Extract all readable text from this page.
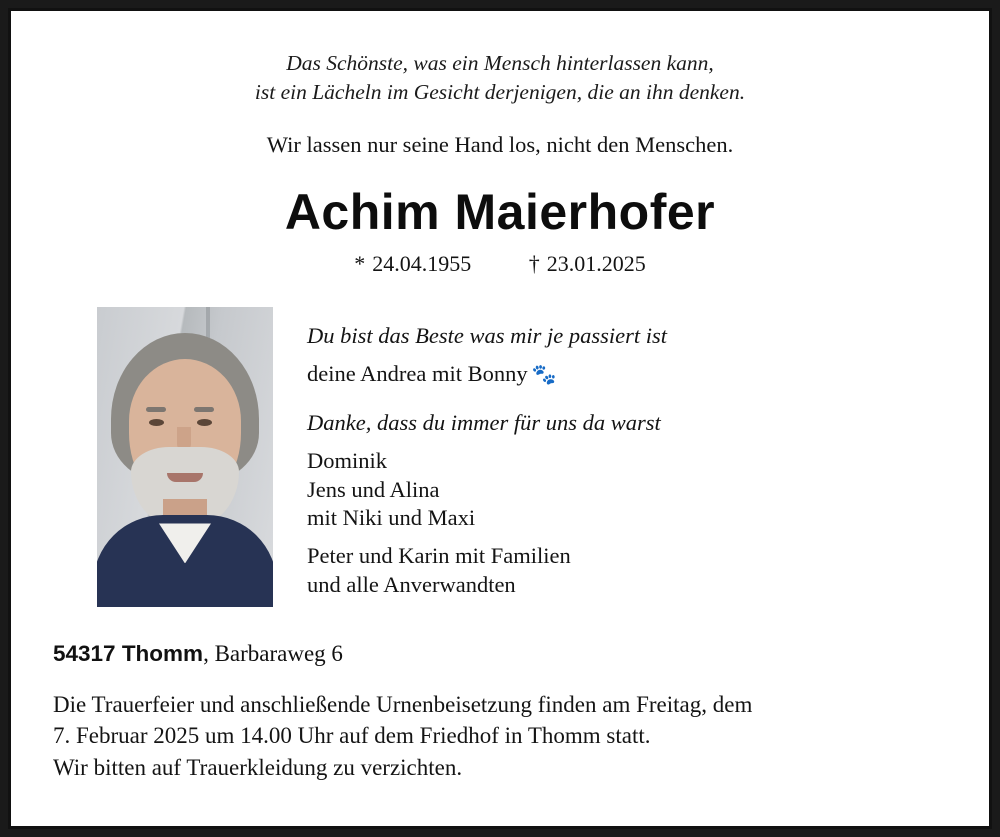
Das Schönste, was ein Mensch hinterlassen kann,
ist ein Lächeln im Gesicht derjenigen, die an ihn denken.
Wir lassen nur seine Hand los, nicht den Menschen.
Achim Maierhofer
* 24.04.1955	† 23.01.2025
Du bist das Beste was mir je passiert ist
deine Andrea mit Bonny 🐾
Danke, dass du immer für uns da warst
Dominik
Jens und Alina
mit Niki und Maxi
Peter und Karin mit Familien
und alle Anverwandten
54317 Thomm, Barbaraweg 6
Die Trauerfeier und anschließende Urnenbeisetzung finden am Freitag, dem
7. Februar 2025 um 14.00 Uhr auf dem Friedhof in Thomm statt.
Wir bitten auf Trauerkleidung zu verzichten.
